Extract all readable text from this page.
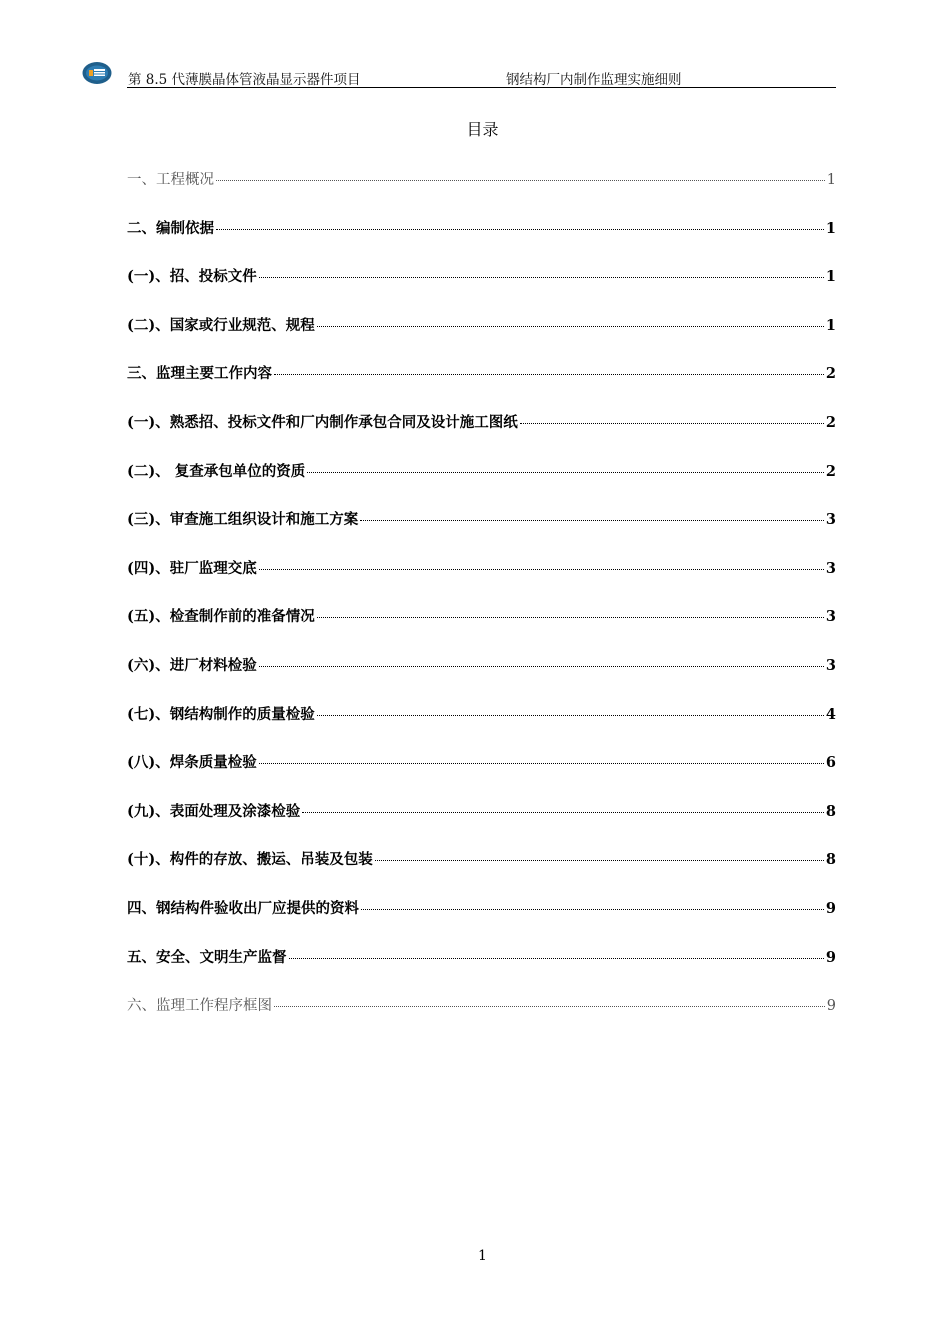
第 8.5 代薄膜晶体管液晶显示器件项目	钢结构厂内制作监理实施细则
目录
一、工程概况	1
二、编制依据	1
(一)、招、投标文件	1
(二)、国家或行业规范、规程	1
三、监理主要工作内容	2
(一)、熟悉招、投标文件和厂内制作承包合同及设计施工图纸	2
(二)、 复查承包单位的资质	2
(三)、审查施工组织设计和施工方案	3
(四)、驻厂监理交底	3
(五)、检查制作前的准备情况	3
(六)、进厂材料检验	3
(七)、钢结构制作的质量检验	4
(八)、焊条质量检验	6
(九)、表面处理及涂漆检验	8
(十)、构件的存放、搬运、吊装及包装	8
四、钢结构件验收出厂应提供的资料	9
五、安全、文明生产监督	9
六、监理工作程序框图	9
1
